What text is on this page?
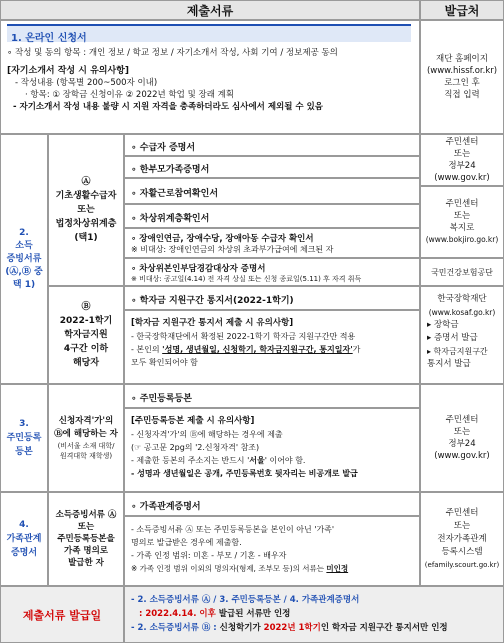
제출서류	발급처
1. 온라인 신청서
∘ 작성 및 동의 항목 : 개인 정보 / 학교 정보 / 자기소개서 작성, 사회 기여 / 정보제공 동의
[자기소개서 작성 시 유의사항]
- 작성내용 (항목별 200~500자 이내)
· 항목: ① 장학금 신청이유 ② 2022년 학업 및 장래 계획
- 자기소개서 작성 내용 불량 시 지원 자격을 충족하더라도 심사에서 제외될 수 있음
재단 홈페이지
(www.hissf.or.kr)
로그인 후
직접 입력
2.
소득
증빙서류
(Ⓐ,Ⓑ 중
택 1)
Ⓐ
기초생활수급자
또는
법정차상위계층
(택1)
∘ 수급자 증명서
∘ 한부모가족증명서
∘ 자활근로참여확인서
∘ 차상위계층확인서
∘ 장애인연금, 장애수당, 장애아동 수급자 확인서
※ 비대상: 장애인연금의 차상위 초과부가급여에 체크된 자
∘ 차상위본인부담경감대상자 증명서
※ 비대상: 공고일(4.14) 전 자격 상실 또는 신청 종료일(5.11) 후 자격 취득
주민센터
또는
정부24
(www.gov.kr)
주민센터
또는
복지로
(www.bokjiro.go.kr)
국민건강보험공단
Ⓑ
2022-1학기
학자금지원
4구간 이하
해당자
∘ 학자금 지원구간 통지서(2022-1학기)
[학자금 지원구간 통지서 제출 시 유의사항]
- 한국장학재단에서 확정된 2022-1학기 학자금 지원구간만 적용
- 본인의 '성명, 생년월일, 신청학기, 학자금지원구간, 통지일자'가
모두 확인되어야 함
한국장학재단
(www.kosaf.go.kr)
▸ 장학금
▸ 증명서 발급
▸ 학자금지원구간
통지서 발급
3.
주민등록
등본
신청자격'가'의
Ⓑ에 해당하는 자
(비서울 소재 대학/
원격대학 재학생)
∘ 주민등록등본
[주민등록등본 제출 시 유의사항]
- 신청자격'가'의 Ⓑ에 해당하는 경우에 제출
(☞ 공고문 2pg의 '2.신청자격' 참조)
- 제출한 등본의 주소지는 반드시 '서울' 이어야 함.
- 성명과 생년월일은 공개, 주민등록번호 뒷자리는 비공개로 발급
주민센터
또는
정부24
(www.gov.kr)
4.
가족관계
증명서
소득증빙서류 Ⓐ
또는
주민등록등본을
가족 명의로
발급한 자
∘ 가족관계증명서
- 소득증빙서류 Ⓐ 또는 주민등록등본을 본인이 아닌 '가족'
명의로 발급받은 경우에 제출함.
- 가족 인정 범위: 미혼 - 부모 / 기혼 - 배우자
※ 가족 인정 범위 이외의 명의자(형제, 조부모 등)의 서류는 미인정
주민센터
또는
전자가족관계
등록시스템
(efamily.scourt.go.kr)
제출서류 발급일
- 2. 소득증빙서류 Ⓐ / 3. 주민등록등본 / 4. 가족관계증명서
: 2022.4.14. 이후 발급된 서류만 인정
- 2. 소득증빙서류 Ⓑ : 신청학기가 2022년 1학기인 학자금 지원구간 통지서만 인정
